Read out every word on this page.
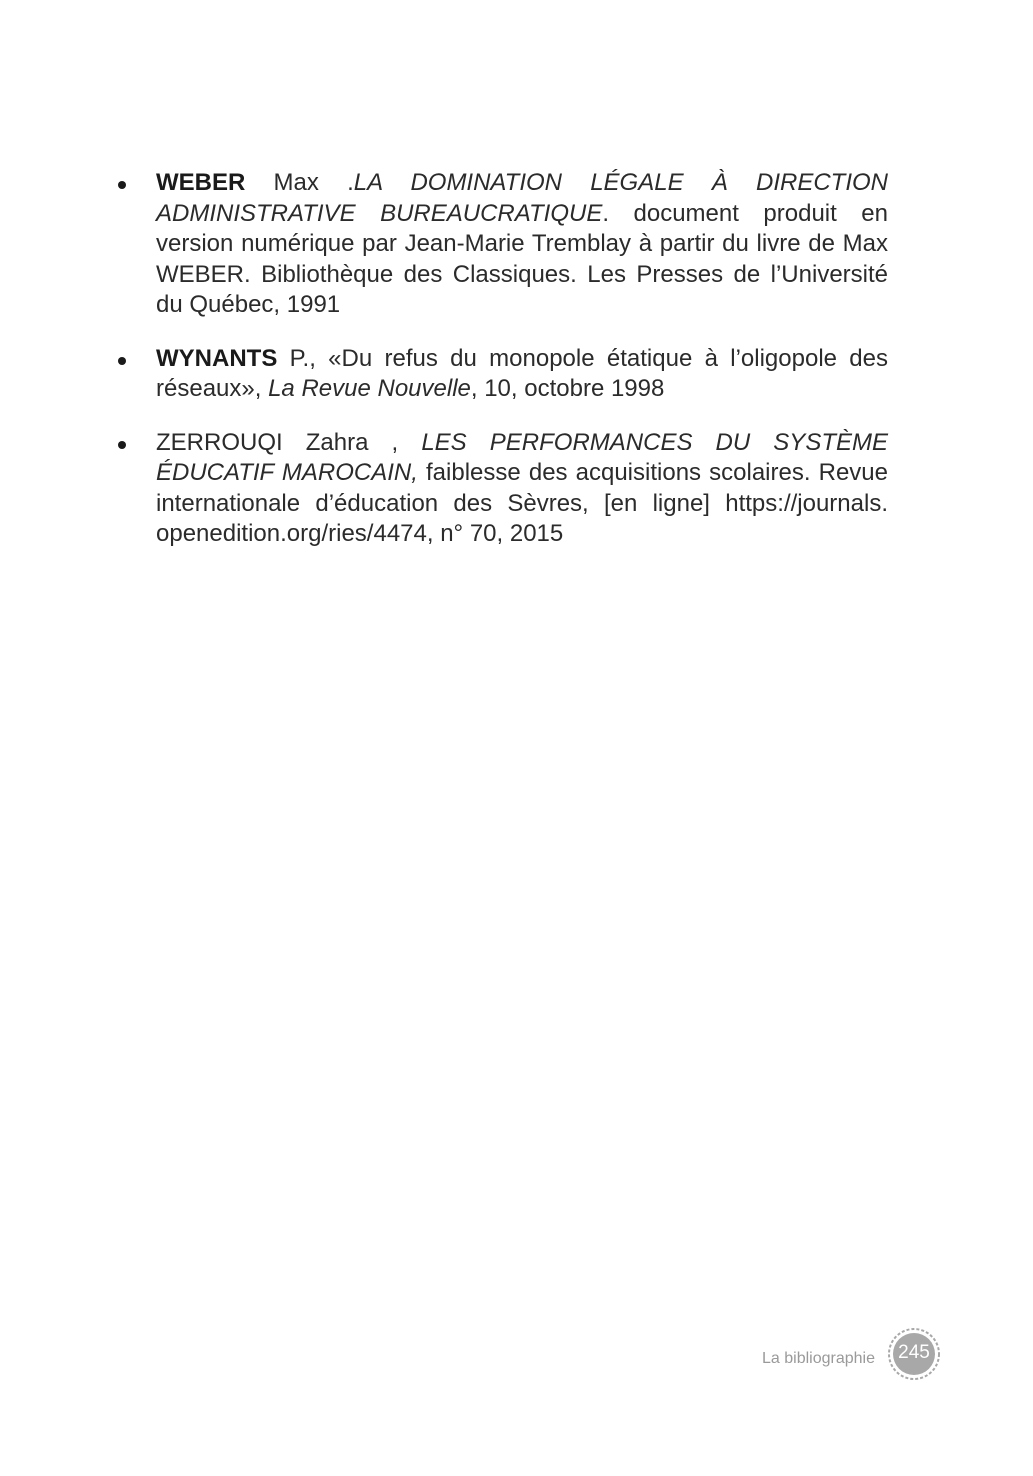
WEBER Max .LA DOMINATION LÉGALE À DIRECTION ADMINISTRATIVE BUREAUCRATIQUE. document produit en version numérique par Jean-Marie Tremblay à partir du livre de Max WEBER. Bibliothèque des Classiques. Les Presses de l’Université du Québec, 1991
WYNANTS P., «Du refus du monopole étatique à l’oligopole des réseaux», La Revue Nouvelle, 10, octobre 1998
ZERROUQI Zahra , LES PERFORMANCES DU SYSTÈME ÉDUCATIF MAROCAIN, faiblesse des acquisitions scolaires. Revue internationale d’éducation des Sèvres, [en ligne] https://journals. openedition.org/ries/4474, n° 70, 2015
La bibliographie	245
